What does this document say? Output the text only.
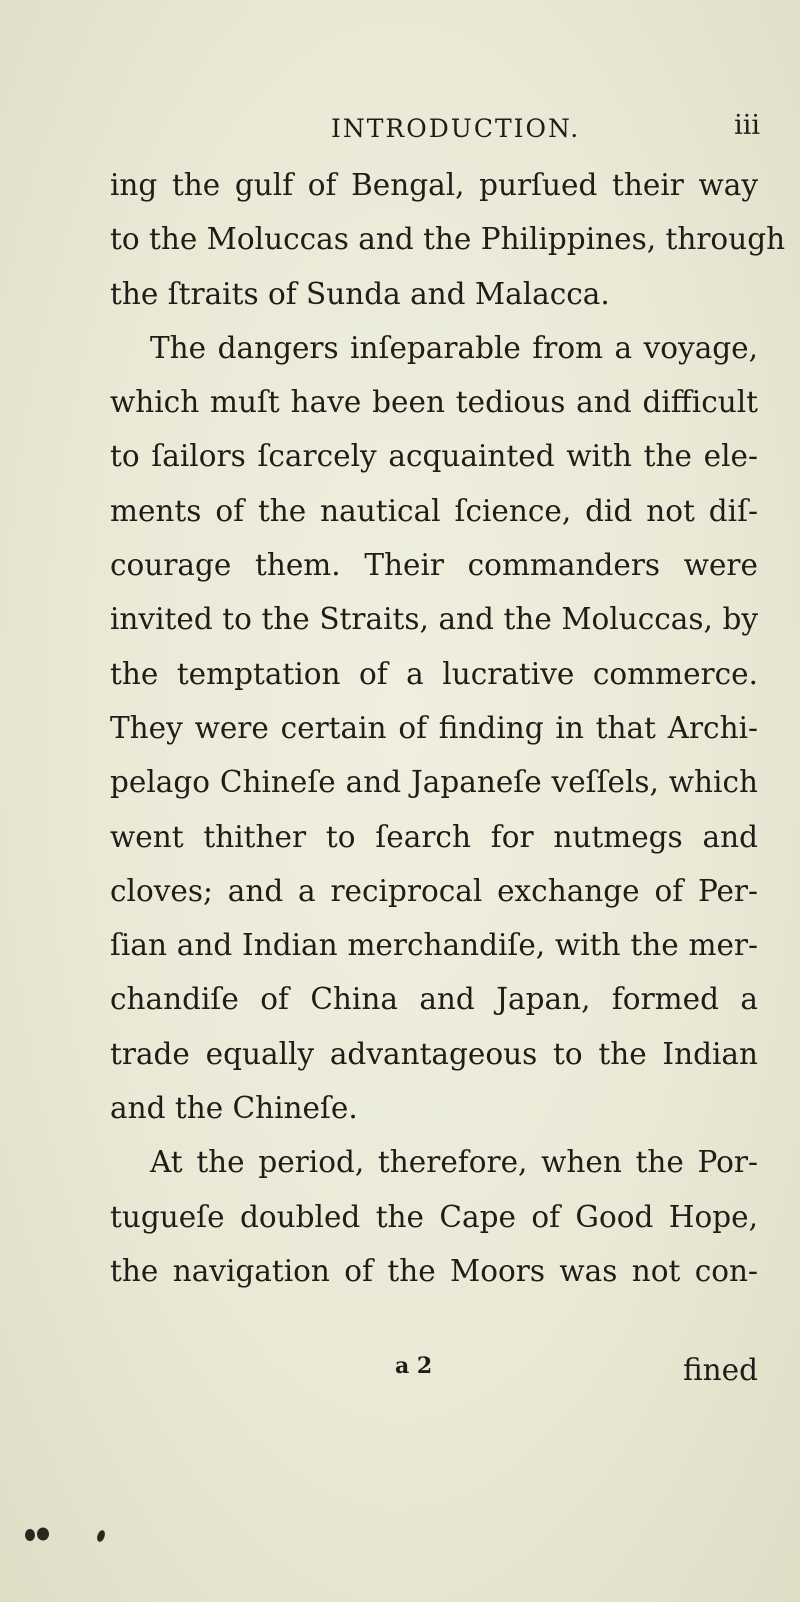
INTRODUCTION.	iii
ing the gulf of Bengal, purſued their way
to the Moluccas and the Philippines, through
the ſtraits of Sunda and Malacca.
The dangers inſeparable from a voyage,
which muſt have been tedious and difficult
to ſailors ſcarcely acquainted with the ele-
ments of the nautical ſcience, did not diſ-
courage them. Their commanders were
invited to the Straits, and the Moluccas, by
the temptation of a lucrative commerce.
They were certain of finding in that Archi-
pelago Chineſe and Japaneſe veſſels, which
went thither to ſearch for nutmegs and
cloves; and a reciprocal exchange of Per-
ſian and Indian merchandiſe, with the mer-
chandiſe of China and Japan, formed a
trade equally advantageous to the Indian
and the Chineſe.
At the period, therefore, when the Por-
tugueſe doubled the Cape of Good Hope,
the navigation of the Moors was not con-
a 2	fined
